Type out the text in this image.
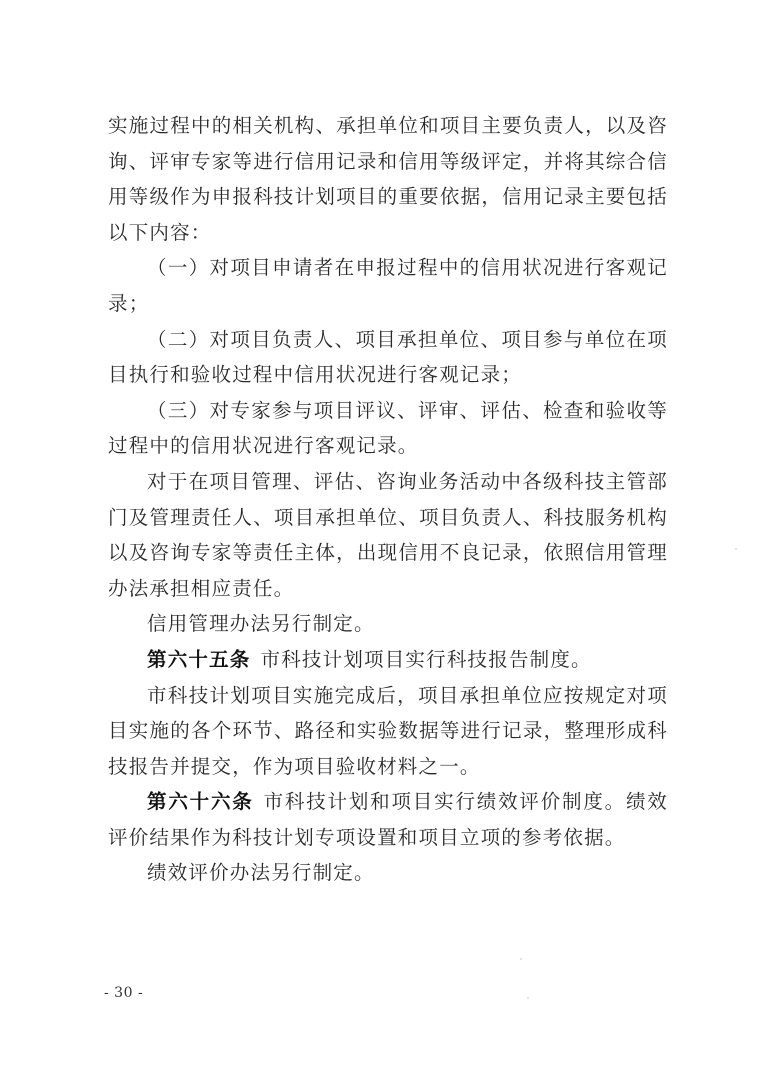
实施过程中的相关机构、承担单位和项目主要负责人，以及咨询、评审专家等进行信用记录和信用等级评定，并将其综合信用等级作为申报科技计划项目的重要依据，信用记录主要包括以下内容：

（一）对项目申请者在申报过程中的信用状况进行客观记录；

（二）对项目负责人、项目承担单位、项目参与单位在项目执行和验收过程中信用状况进行客观记录；

（三）对专家参与项目评议、评审、评估、检查和验收等过程中的信用状况进行客观记录。

对于在项目管理、评估、咨询业务活动中各级科技主管部门及管理责任人、项目承担单位、项目负责人、科技服务机构以及咨询专家等责任主体，出现信用不良记录，依照信用管理办法承担相应责任。

信用管理办法另行制定。

第六十五条 市科技计划项目实行科技报告制度。

市科技计划项目实施完成后，项目承担单位应按规定对项目实施的各个环节、路径和实验数据等进行记录，整理形成科技报告并提交，作为项目验收材料之一。

第六十六条 市科技计划和项目实行绩效评价制度。绩效评价结果作为科技计划专项设置和项目立项的参考依据。

绩效评价办法另行制定。

- 30 -
